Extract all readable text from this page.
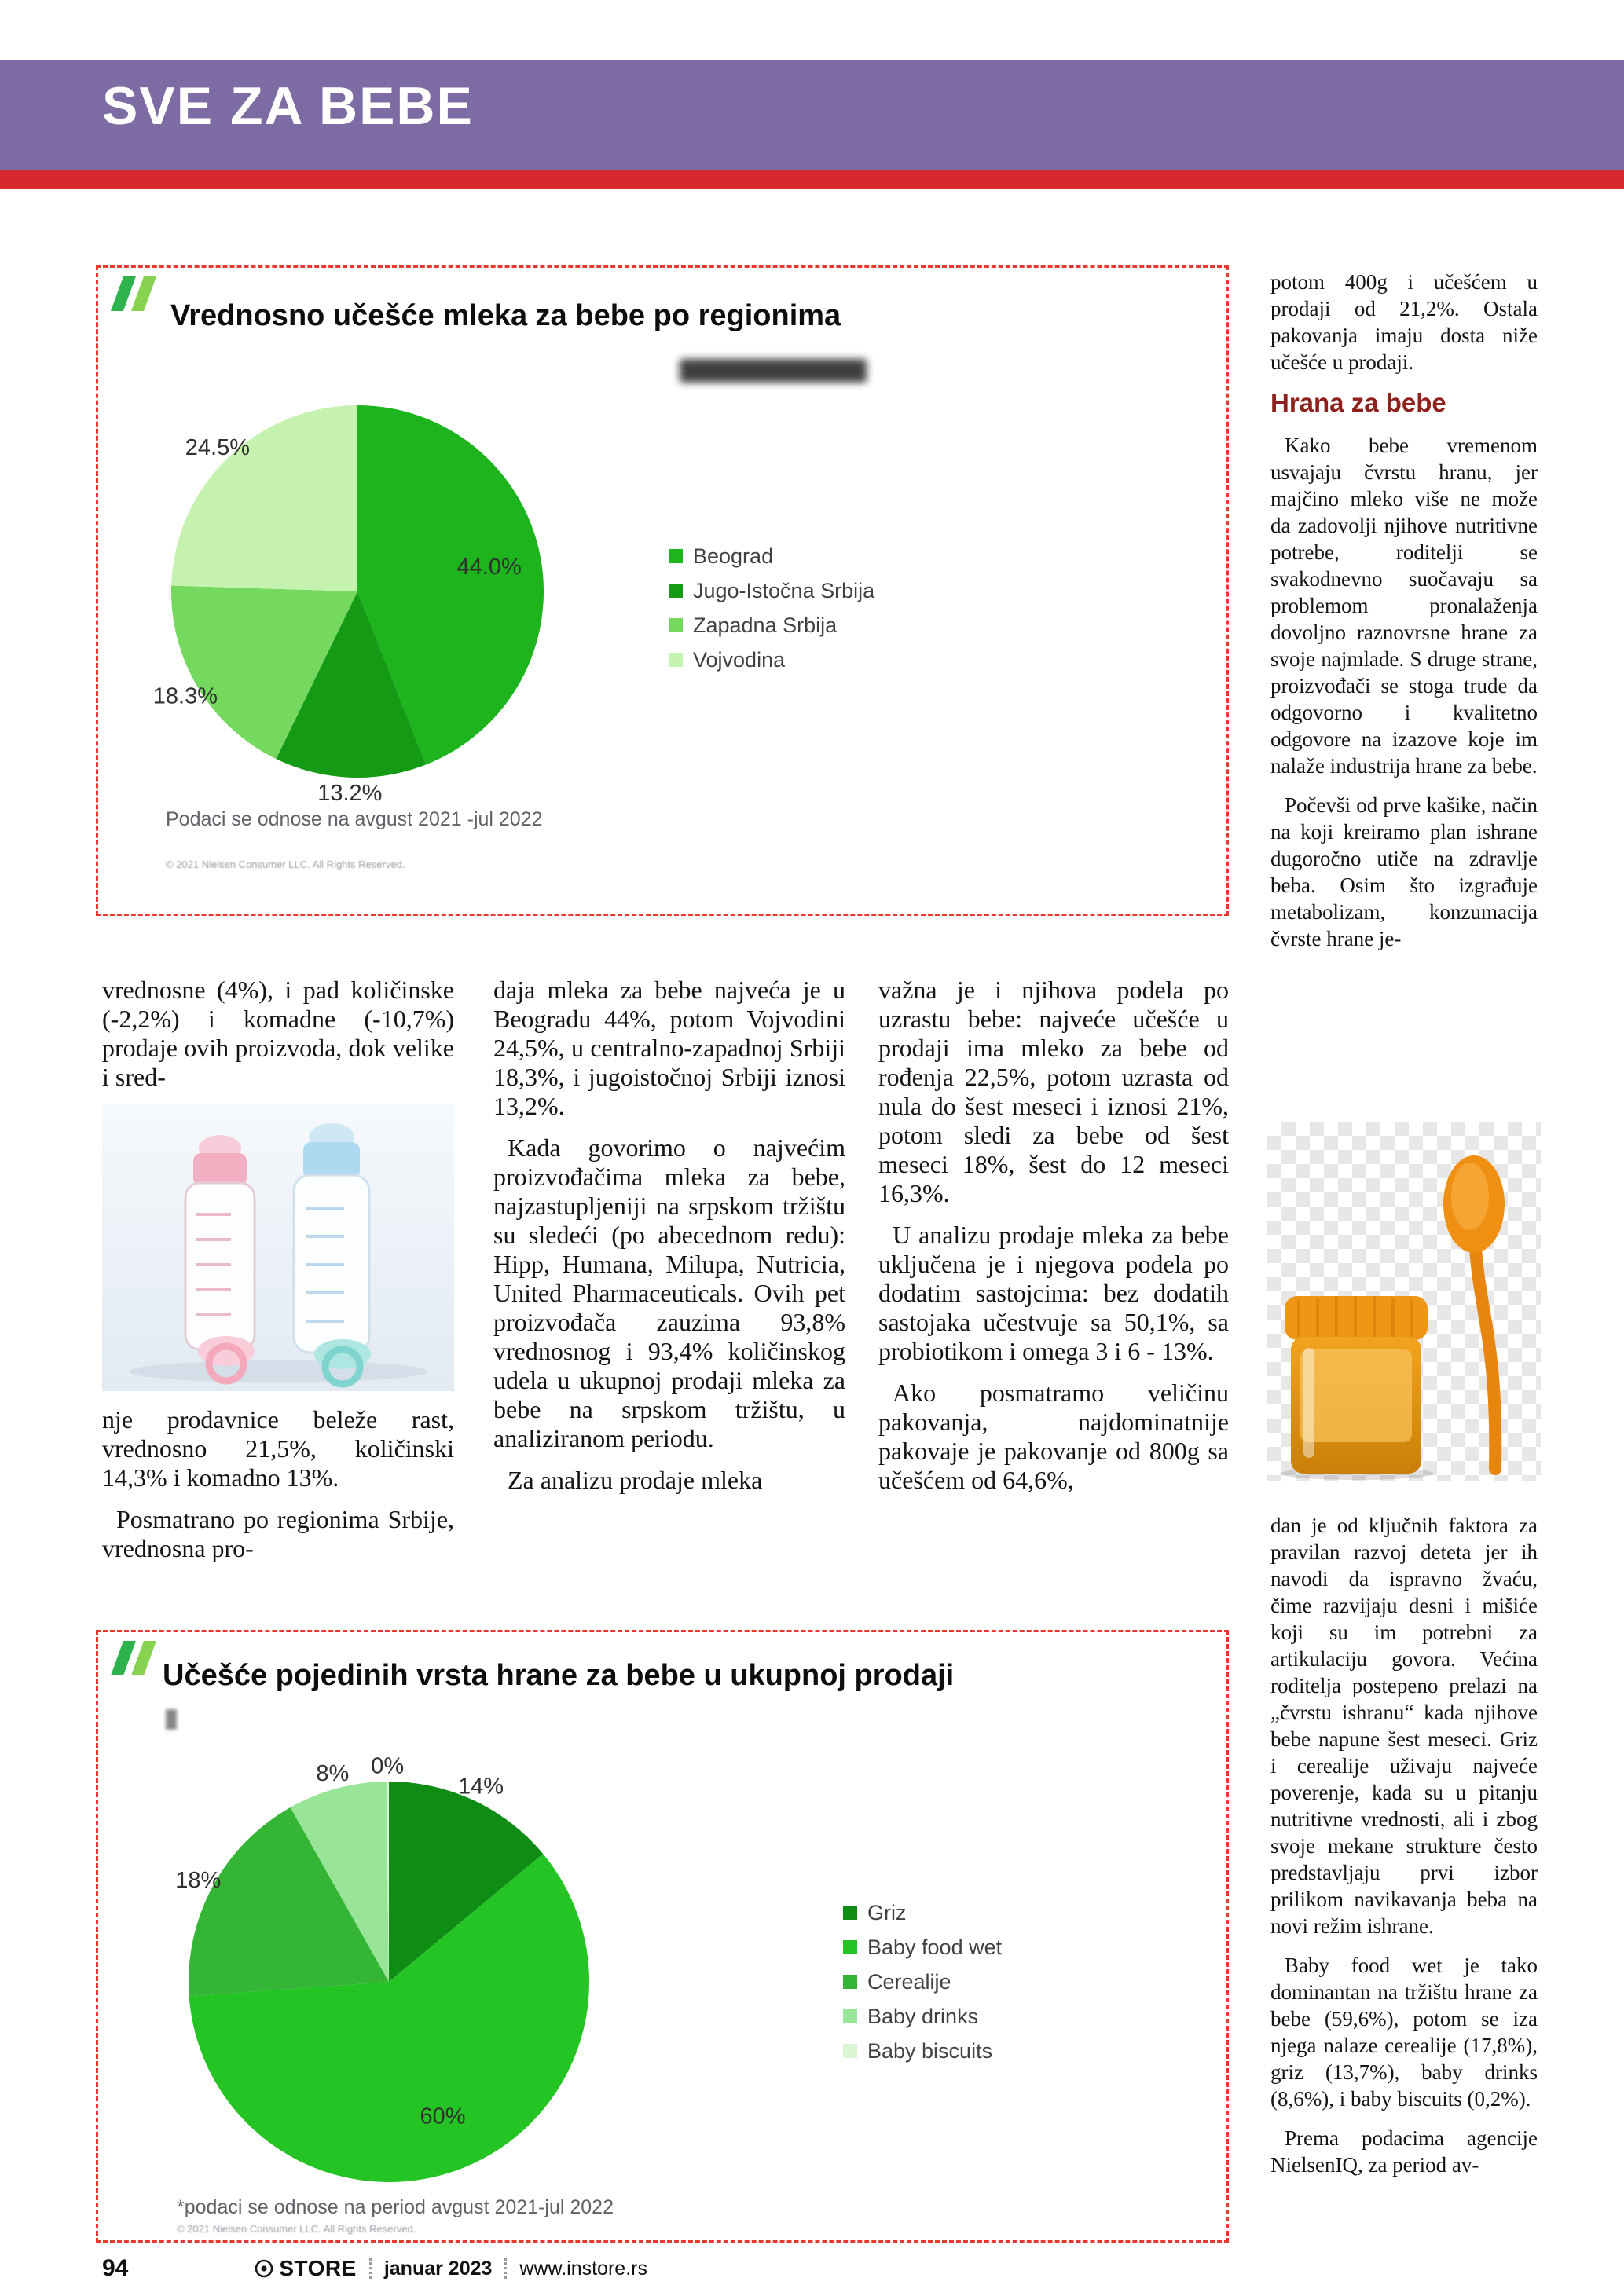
SVE ZA BEBE
Vrednosno učešće mleka za bebe po regionima
44.0%
13.2%
18.3%
24.5%
Beograd
Jugo-Istočna Srbija
Zapadna Srbija
Vojvodina
Podaci se odnose na avgust 2021 -jul 2022
© 2021 Nielsen Consumer LLC. All Rights Reserved.

potom 400g i učešćem u prodaji od 21,2%. Ostala pakovanja imaju dosta niže učešće u prodaji.

Hrana za bebe

Kako bebe vremenom usvajaju čvrstu hranu, jer majčino mleko više ne može da zadovolji njihove nutritivne potrebe, roditelji se svakodnevno suočavaju sa problemom pronalaženja dovoljno raznovrsne hrane za svoje najmlađe. S druge strane, proizvođači se stoga trude da odgovorno i kvalitetno odgovore na izazove koje im nalaže industrija hrane za bebe.

Počevši od prve kašike, način na koji kreiramo plan ishrane dugoročno utiče na zdravlje beba. Osim što izgrađuje metabolizam, konzumacija čvrste hrane je-

dan je od ključnih faktora za pravilan razvoj deteta jer ih navodi da ispravno žvaću, čime razvijaju desni i mišiće koji su im potrebni za artikulaciju govora. Većina roditelja postepeno prelazi na „čvrstu ishranu“ kada njihove bebe napune šest meseci. Griz i cerealije uživaju najveće poverenje, kada su u pitanju nutritivne vrednosti, ali i zbog svoje mekane strukture često predstavljaju prvi izbor prilikom navikavanja beba na novi režim ishrane.

Baby food wet je tako dominantan na tržištu hrane za bebe (59,6%), potom se iza njega nalaze cerealije (17,8%), griz (13,7%), baby drinks (8,6%), i baby biscuits (0,2%).

Prema podacima agencije NielsenIQ, za period av-

vrednosne (4%), i pad količinske (-2,2%) i komadne (-10,7%) prodaje ovih proizvoda, dok velike i sred-

nje prodavnice beleže rast, vrednosno 21,5%, količinski 14,3% i komadno 13%.

Posmatrano po regionima Srbije, vrednosna pro-

daja mleka za bebe najveća je u Beogradu 44%, potom Vojvodini 24,5%, u centralno-zapadnoj Srbiji 18,3%, i jugoistočnoj Srbiji iznosi 13,2%.

Kada govorimo o najvećim proizvođačima mleka za bebe, najzastupljeniji na srpskom tržištu su sledeći (po abecednom redu): Hipp, Humana, Milupa, Nutricia, United Pharmaceuticals. Ovih pet proizvođača zauzima 93,8% vrednosnog i 93,4% količinskog udela u ukupnoj prodaji mleka za bebe na srpskom tržištu, u analiziranom periodu.

Za analizu prodaje mleka

važna je i njihova podela po uzrastu bebe: najveće učešće u prodaji ima mleko za bebe od rođenja 22,5%, potom uzrasta od nula do šest meseci i iznosi 21%, potom sledi za bebe od šest meseci 18%, šest do 12 meseci 16,3%.

U analizu prodaje mleka za bebe uključena je i njegova podela po dodatim sastojcima: bez dodatih sastojaka učestvuje sa 50,1%, sa probiotikom i omega 3 i 6 - 13%.

Ako posmatramo veličinu pakovanja, najdominatnije pakovaje je pakovanje od 800g sa učešćem od 64,6%,

Učešće pojedinih vrsta hrane za bebe u ukupnoj prodaji
14%
60%
18%
8% 0%
Griz
Baby food wet
Cerealije
Baby drinks
Baby biscuits
*podaci se odnose na period avgust 2021-jul 2022
© 2021 Nielsen Consumer LLC. All Rights Reserved.
94	STORE januar 2023 www.instore.rs
